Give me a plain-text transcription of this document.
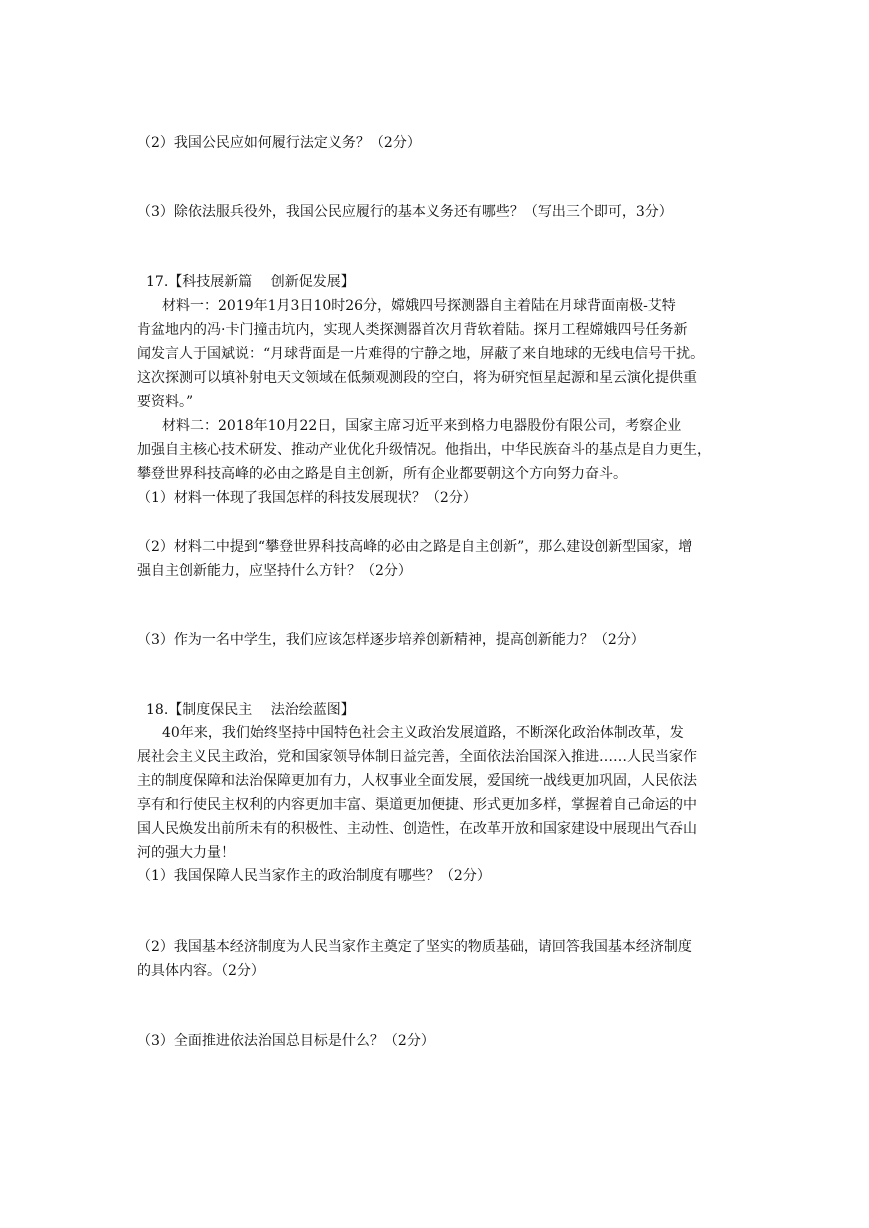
（2）我国公民应如何履行法定义务？（2分）

（3）除依法服兵役外，我国公民应履行的基本义务还有哪些？（写出三个即可，3分）

17.【科技展新篇　 创新促发展】

材料一：2019年1月3日10时26分，嫦娥四号探测器自主着陆在月球背面南极-艾特

肯盆地内的冯·卡门撞击坑内，实现人类探测器首次月背软着陆。探月工程嫦娥四号任务新

闻发言人于国斌说：“月球背面是一片难得的宁静之地，屏蔽了来自地球的无线电信号干扰。

这次探测可以填补射电天文领域在低频观测段的空白，将为研究恒星起源和星云演化提供重

要资料。”

材料二：2018年10月22日，国家主席习近平来到格力电器股份有限公司，考察企业

加强自主核心技术研发、推动产业优化升级情况。他指出，中华民族奋斗的基点是自力更生，

攀登世界科技高峰的必由之路是自主创新，所有企业都要朝这个方向努力奋斗。

（1）材料一体现了我国怎样的科技发展现状？（2分）

（2）材料二中提到“攀登世界科技高峰的必由之路是自主创新”，那么建设创新型国家，增

强自主创新能力，应坚持什么方针？（2分）

（3）作为一名中学生，我们应该怎样逐步培养创新精神，提高创新能力？（2分）

18.【制度保民主　 法治绘蓝图】

40年来，我们始终坚持中国特色社会主义政治发展道路，不断深化政治体制改革，发

展社会主义民主政治，党和国家领导体制日益完善，全面依法治国深入推进……人民当家作

主的制度保障和法治保障更加有力，人权事业全面发展，爱国统一战线更加巩固，人民依法

享有和行使民主权利的内容更加丰富、渠道更加便捷、形式更加多样，掌握着自己命运的中

国人民焕发出前所未有的积极性、主动性、创造性，在改革开放和国家建设中展现出气吞山

河的强大力量！

（1）我国保障人民当家作主的政治制度有哪些？（2分）

（2）我国基本经济制度为人民当家作主奠定了坚实的物质基础，请回答我国基本经济制度

的具体内容。（2分）

（3）全面推进依法治国总目标是什么？（2分）
